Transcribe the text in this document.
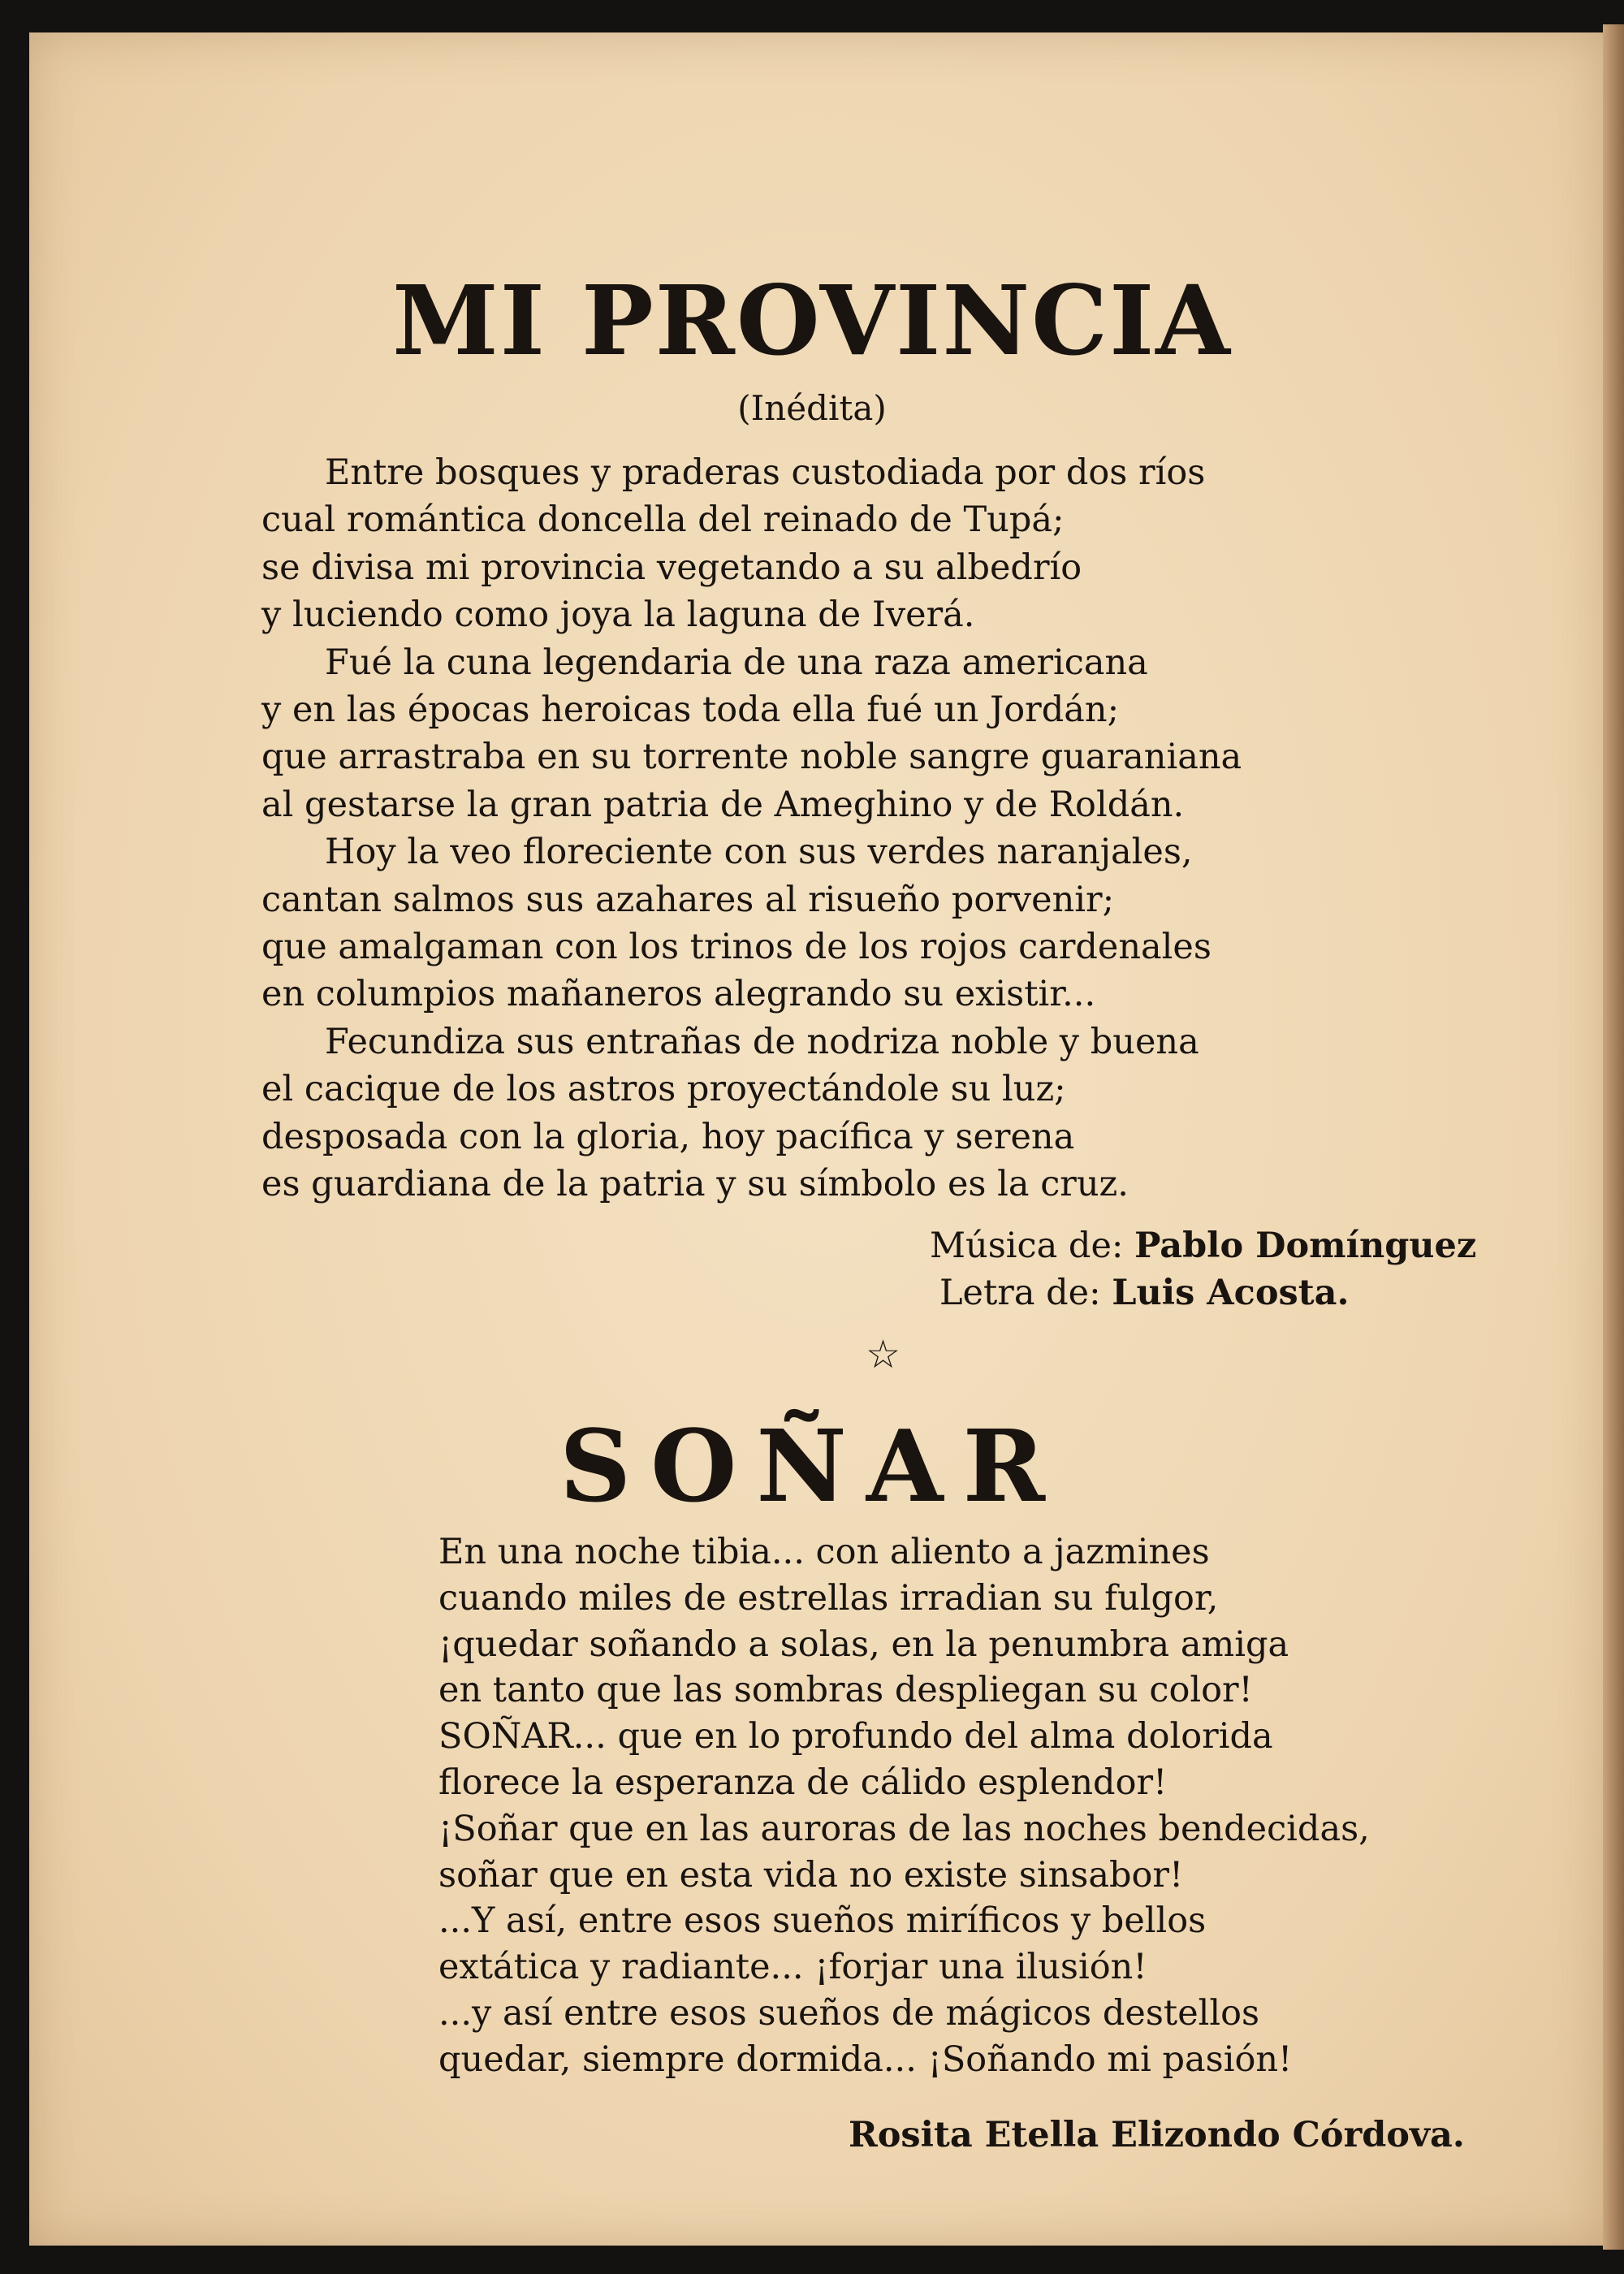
MI PROVINCIA
(Inédita)
Entre bosques y praderas custodiada por dos ríos
cual romántica doncella del reinado de Tupá;
se divisa mi provincia vegetando a su albedrío
y luciendo como joya la laguna de Iverá.
Fué la cuna legendaria de una raza americana
y en las épocas heroicas toda ella fué un Jordán;
que arrastraba en su torrente noble sangre guaraniana
al gestarse la gran patria de Ameghino y de Roldán.
Hoy la veo floreciente con sus verdes naranjales,
cantan salmos sus azahares al risueño porvenir;
que amalgaman con los trinos de los rojos cardenales
en columpios mañaneros alegrando su existir...
Fecundiza sus entrañas de nodriza noble y buena
el cacique de los astros proyectándole su luz;
desposada con la gloria, hoy pacífica y serena
es guardiana de la patria y su símbolo es la cruz.
Música de: Pablo Domínguez
Letra de: Luis Acosta.
☆
SOÑAR
En una noche tibia... con aliento a jazmines
cuando miles de estrellas irradian su fulgor,
¡quedar soñando a solas, en la penumbra amiga
en tanto que las sombras despliegan su color!
SOÑAR... que en lo profundo del alma dolorida
florece la esperanza de cálido esplendor!
¡Soñar que en las auroras de las noches bendecidas,
soñar que en esta vida no existe sinsabor!
...Y así, entre esos sueños miríficos y bellos
extática y radiante... ¡forjar una ilusión!
...y así entre esos sueños de mágicos destellos
quedar, siempre dormida... ¡Soñando mi pasión!
Rosita Etella Elizondo Córdova.
